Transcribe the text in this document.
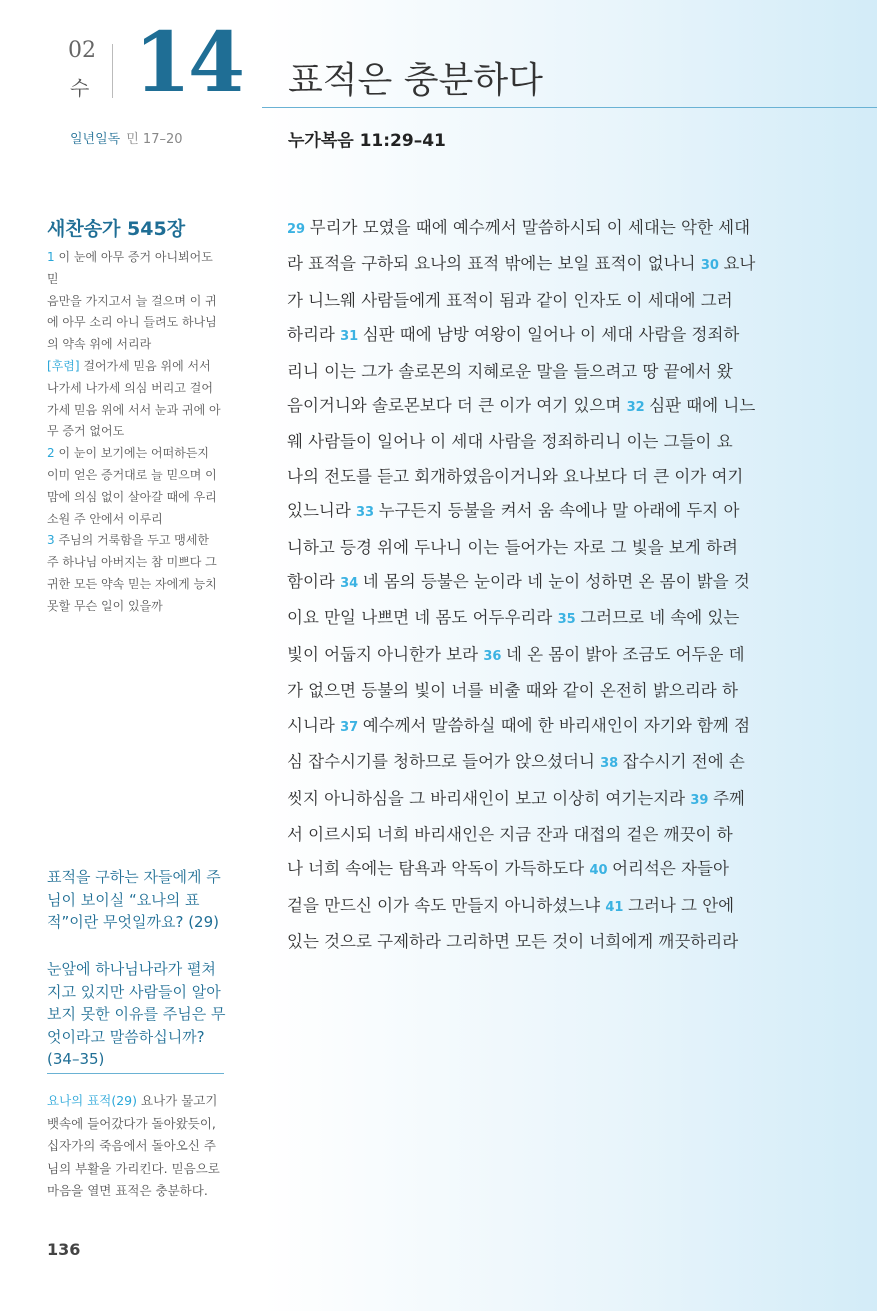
02
수 14 표적은 충분하다
일년일독 민 17–20	누가복음 11:29–41
새찬송가 545장
1 이 눈에 아무 증거 아니뵈어도 믿
음만을 가지고서 늘 걸으며 이 귀
에 아무 소리 아니 들려도 하나님
의 약속 위에 서리라
[후렴] 걸어가세 믿음 위에 서서
나가세 나가세 의심 버리고 걸어
가세 믿음 위에 서서 눈과 귀에 아
무 증거 없어도
2 이 눈이 보기에는 어떠하든지
이미 얻은 증거대로 늘 믿으며 이
맘에 의심 없이 살아갈 때에 우리
소원 주 안에서 이루리
3 주님의 거룩함을 두고 맹세한
주 하나님 아버지는 참 미쁘다 그
귀한 모든 약속 믿는 자에게 능치
못할 무슨 일이 있을까
29 무리가 모였을 때에 예수께서 말씀하시되 이 세대는 악한 세대
라 표적을 구하되 요나의 표적 밖에는 보일 표적이 없나니 30 요나
가 니느웨 사람들에게 표적이 됨과 같이 인자도 이 세대에 그러
하리라 31 심판 때에 남방 여왕이 일어나 이 세대 사람을 정죄하
리니 이는 그가 솔로몬의 지혜로운 말을 들으려고 땅 끝에서 왔
음이거니와 솔로몬보다 더 큰 이가 여기 있으며 32 심판 때에 니느
웨 사람들이 일어나 이 세대 사람을 정죄하리니 이는 그들이 요
나의 전도를 듣고 회개하였음이거니와 요나보다 더 큰 이가 여기
있느니라 33 누구든지 등불을 켜서 움 속에나 말 아래에 두지 아
니하고 등경 위에 두나니 이는 들어가는 자로 그 빛을 보게 하려
함이라 34 네 몸의 등불은 눈이라 네 눈이 성하면 온 몸이 밝을 것
이요 만일 나쁘면 네 몸도 어두우리라 35 그러므로 네 속에 있는
빛이 어둡지 아니한가 보라 36 네 온 몸이 밝아 조금도 어두운 데
가 없으면 등불의 빛이 너를 비출 때와 같이 온전히 밝으리라 하
시니라 37 예수께서 말씀하실 때에 한 바리새인이 자기와 함께 점
심 잡수시기를 청하므로 들어가 앉으셨더니 38 잡수시기 전에 손
씻지 아니하심을 그 바리새인이 보고 이상히 여기는지라 39 주께
서 이르시되 너희 바리새인은 지금 잔과 대접의 겉은 깨끗이 하
나 너희 속에는 탐욕과 악독이 가득하도다 40 어리석은 자들아
겉을 만드신 이가 속도 만들지 아니하셨느냐 41 그러나 그 안에
있는 것으로 구제하라 그리하면 모든 것이 너희에게 깨끗하리라
표적을 구하는 자들에게 주님이 보이실 “요나의 표적”이란 무엇일까요? (29)
눈앞에 하나님나라가 펼쳐지고 있지만 사람들이 알아보지 못한 이유를 주님은 무엇이라고 말씀하십니까? (34–35)
요나의 표적(29) 요나가 물고기 뱃속에 들어갔다가 돌아왔듯이, 십자가의 죽음에서 돌아오신 주님의 부활을 가리킨다. 믿음으로 마음을 열면 표적은 충분하다.
136
